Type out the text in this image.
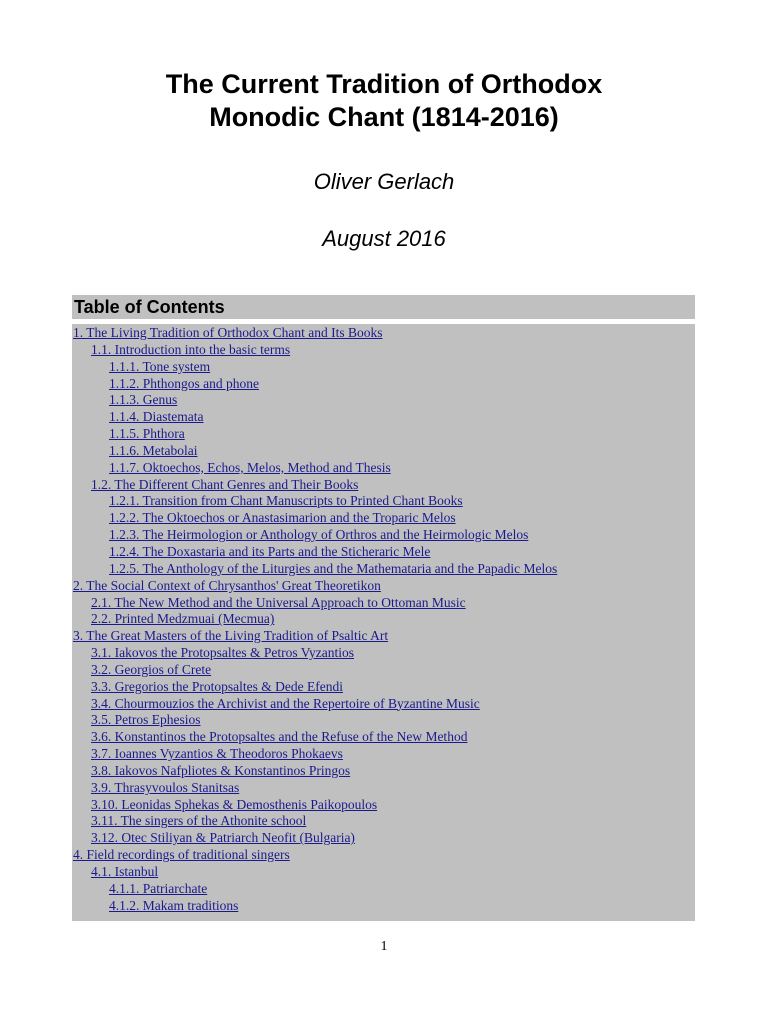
The Current Tradition of Orthodox
Monodic Chant (1814-2016)
Oliver Gerlach
August 2016
Table of Contents
1. The Living Tradition of Orthodox Chant and Its Books
1.1. Introduction into the basic terms
1.1.1. Tone system
1.1.2. Phthongos and phone
1.1.3. Genus
1.1.4. Diastemata
1.1.5. Phthora
1.1.6. Metabolai
1.1.7. Oktoechos, Echos, Melos, Method and Thesis
1.2. The Different Chant Genres and Their Books
1.2.1. Transition from Chant Manuscripts to Printed Chant Books
1.2.2. The Oktoechos or Anastasimarion and the Troparic Melos
1.2.3. The Heirmologion or Anthology of Orthros and the Heirmologic Melos
1.2.4. The Doxastaria and its Parts and the Sticheraric Mele
1.2.5. The Anthology of the Liturgies and the Mathemataria and the Papadic Melos
2. The Social Context of Chrysanthos' Great Theoretikon
2.1. The New Method and the Universal Approach to Ottoman Music
2.2. Printed Medzmuai (Mecmua)
3. The Great Masters of the Living Tradition of Psaltic Art
3.1. Iakovos the Protopsaltes & Petros Vyzantios
3.2. Georgios of Crete
3.3. Gregorios the Protopsaltes & Dede Efendi
3.4. Chourmouzios the Archivist and the Repertoire of Byzantine Music
3.5. Petros Ephesios
3.6. Konstantinos the Protopsaltes and the Refuse of the New Method
3.7. Ioannes Vyzantios & Theodoros Phokaevs
3.8. Iakovos Nafpliotes & Konstantinos Pringos
3.9. Thrasyvoulos Stanitsas
3.10. Leonidas Sphekas & Demosthenis Paikopoulos
3.11. The singers of the Athonite school
3.12. Otec Stiliyan & Patriarch Neofit (Bulgaria)
4. Field recordings of traditional singers
4.1. Istanbul
4.1.1. Patriarchate
4.1.2. Makam traditions
1
